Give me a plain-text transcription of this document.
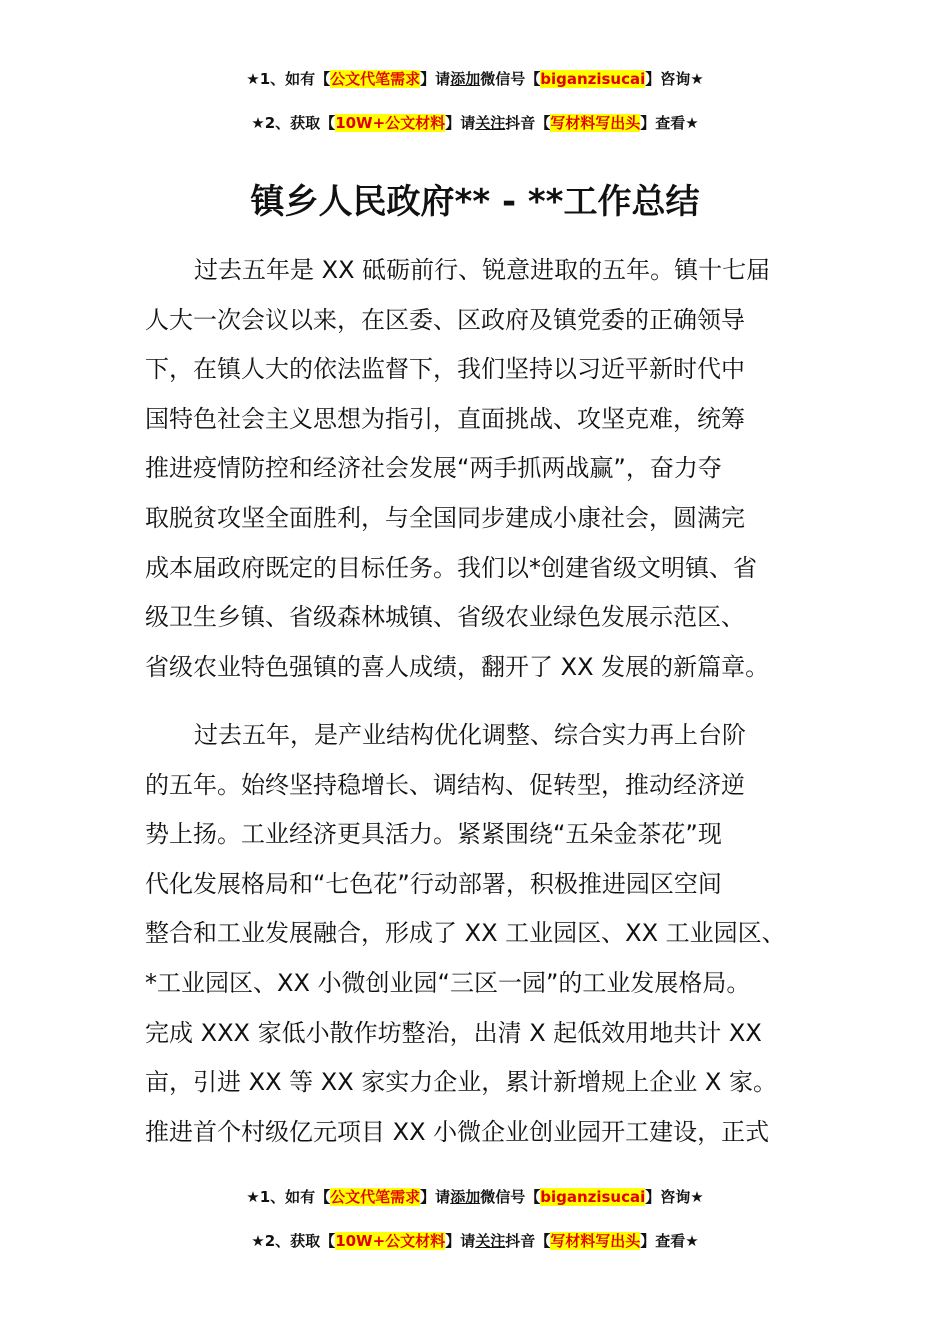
★1、如有【公文代笔需求】请添加微信号【biganzisucai】咨询★
★2、获取【10W+公文材料】请关注抖音【写材料写出头】查看★
镇乡人民政府** - **工作总结
过去五年是 XX 砥砺前行、锐意进取的五年。镇十七届
人大一次会议以来，在区委、区政府及镇党委的正确领导
下，在镇人大的依法监督下，我们坚持以习近平新时代中
国特色社会主义思想为指引，直面挑战、攻坚克难，统筹
推进疫情防控和经济社会发展“两手抓两战赢”，奋力夺
取脱贫攻坚全面胜利，与全国同步建成小康社会，圆满完
成本届政府既定的目标任务。我们以*创建省级文明镇、省
级卫生乡镇、省级森林城镇、省级农业绿色发展示范区、
省级农业特色强镇的喜人成绩，翻开了 XX 发展的新篇章。
过去五年，是产业结构优化调整、综合实力再上台阶
的五年。始终坚持稳增长、调结构、促转型，推动经济逆
势上扬。工业经济更具活力。紧紧围绕“五朵金茶花”现
代化发展格局和“七色花”行动部署，积极推进园区空间
整合和工业发展融合，形成了 XX 工业园区、XX 工业园区、
*工业园区、XX 小微创业园“三区一园”的工业发展格局。
完成 XXX 家低小散作坊整治，出清 X 起低效用地共计 XX
亩，引进 XX 等 XX 家实力企业，累计新增规上企业 X 家。
推进首个村级亿元项目 XX 小微企业创业园开工建设，正式
★1、如有【公文代笔需求】请添加微信号【biganzisucai】咨询★
★2、获取【10W+公文材料】请关注抖音【写材料写出头】查看★
